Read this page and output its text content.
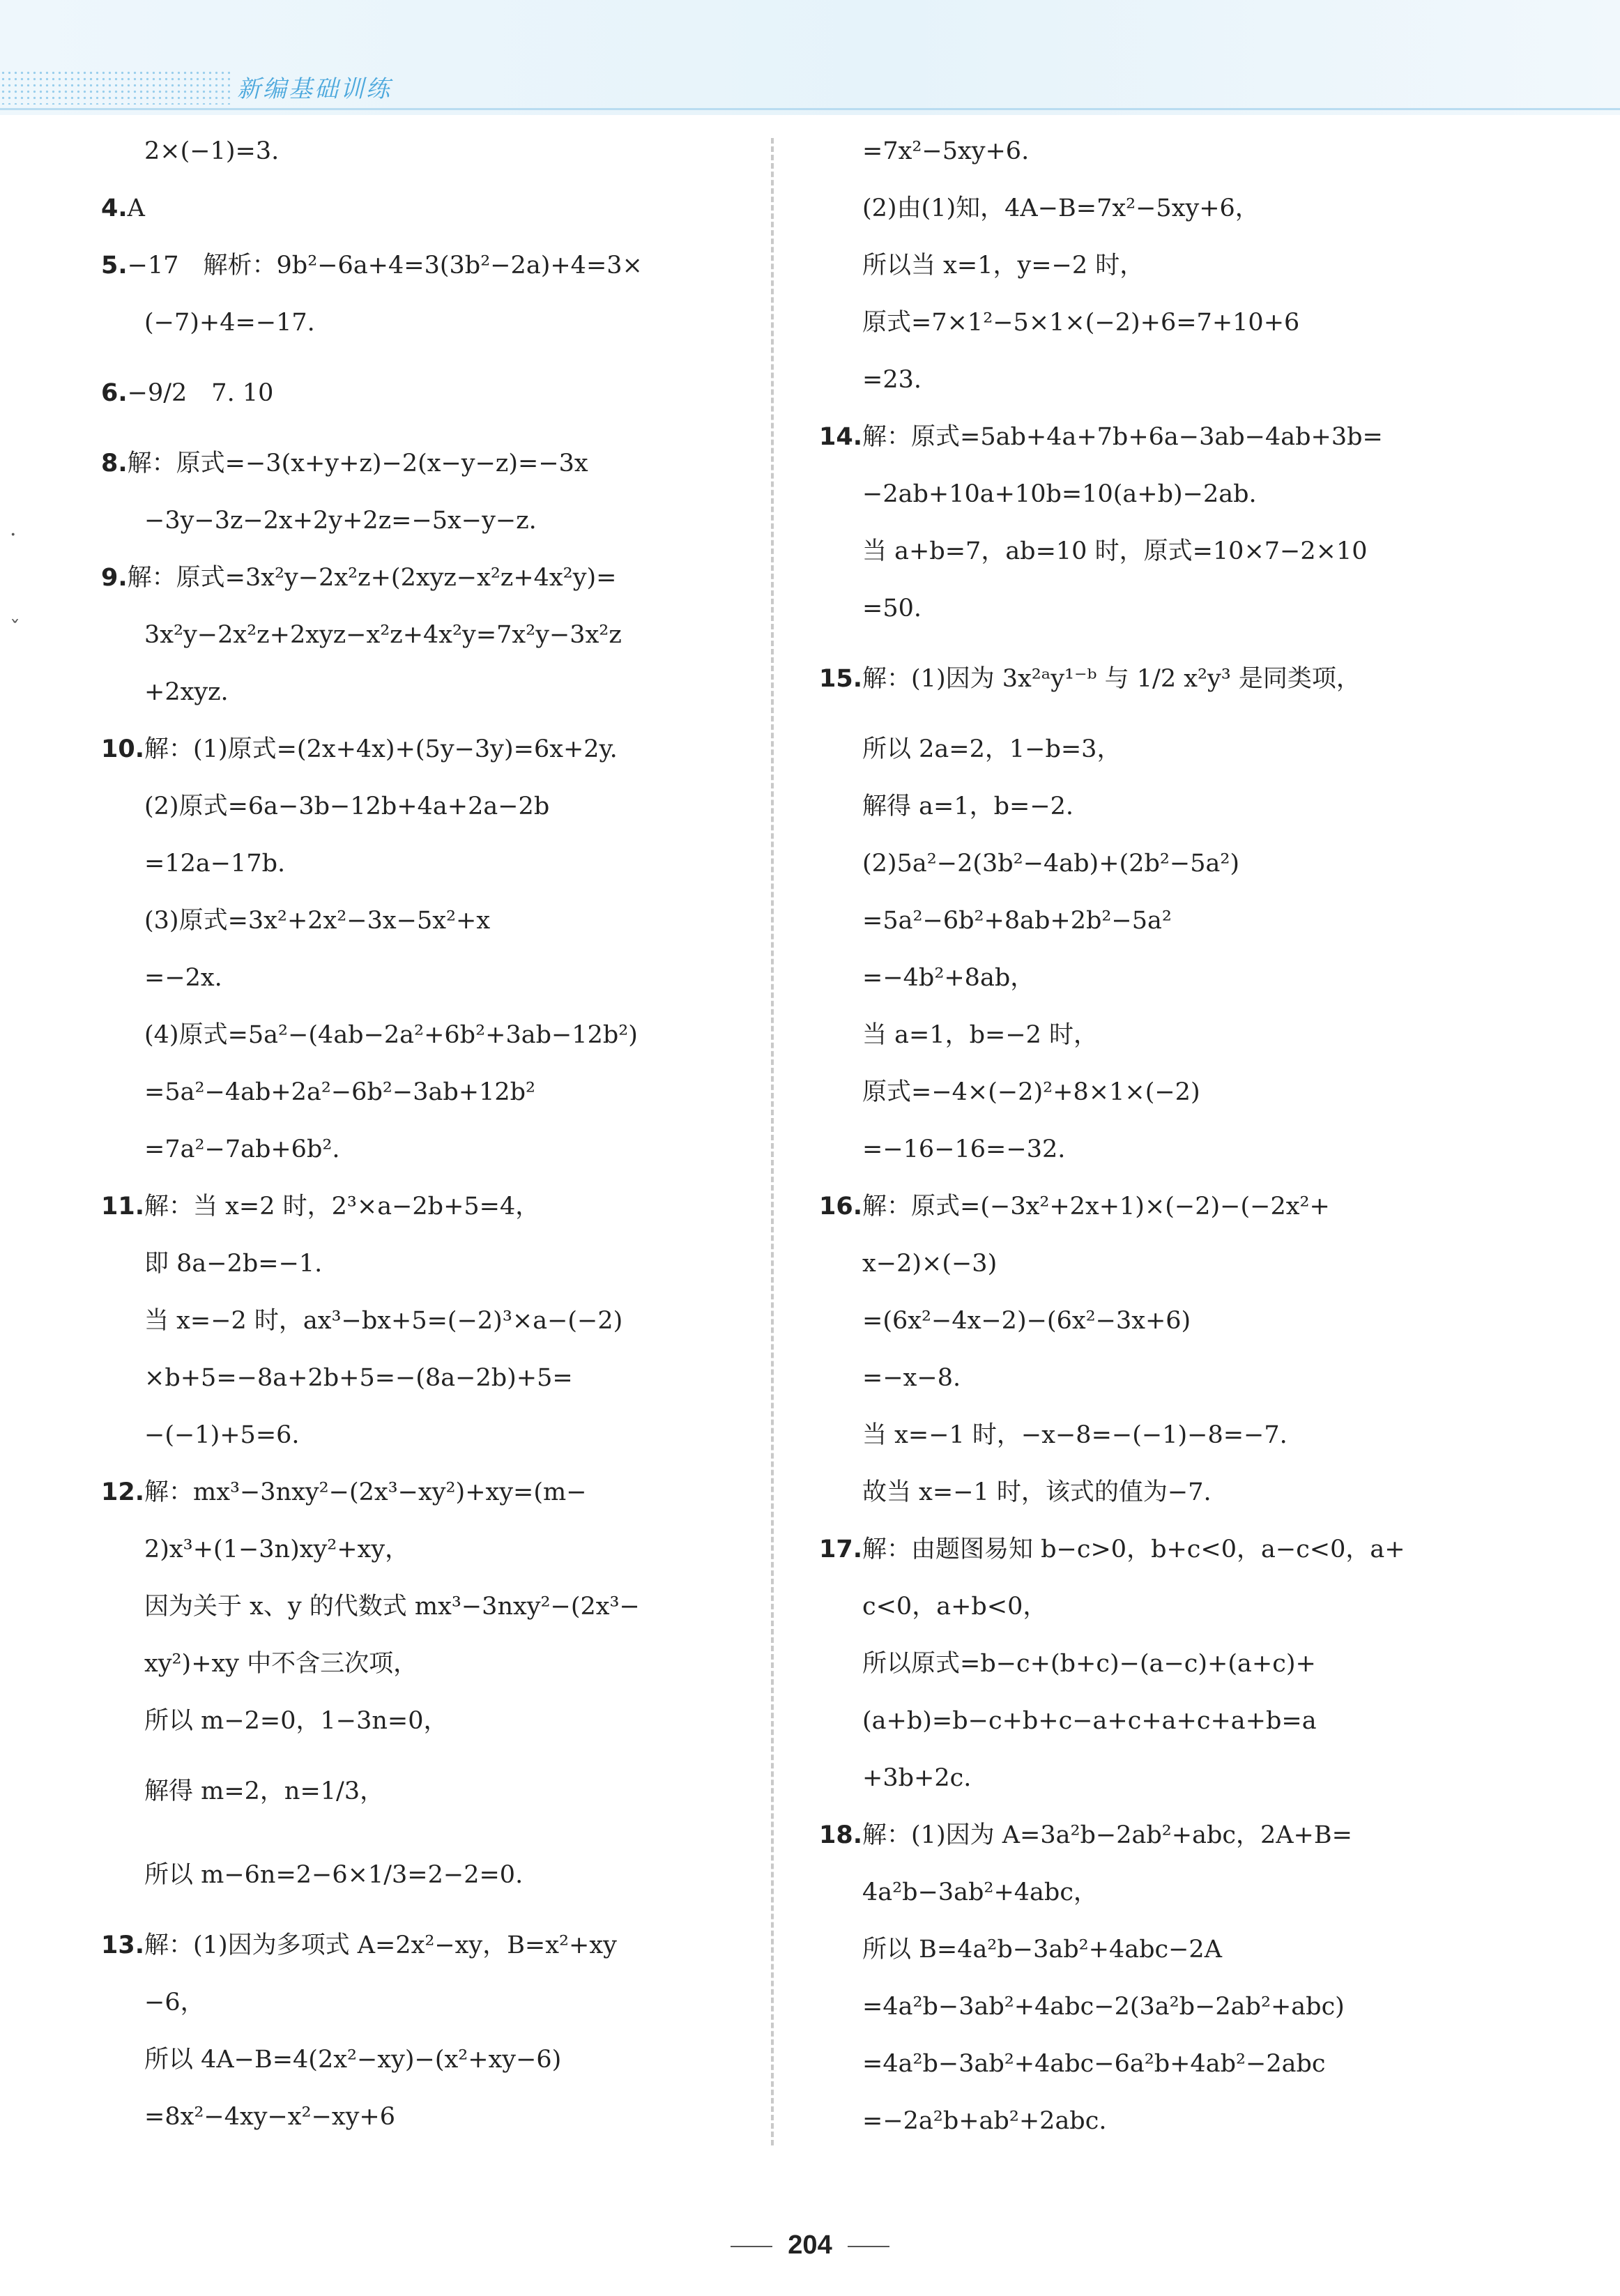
新编基础训练
·
ˇ
2×(−1)=3.
4.A
5.−17　解析：9b²−6a+4=3(3b²−2a)+4=3×
(−7)+4=−17.
6.−9/2　7. 10
8.解：原式=−3(x+y+z)−2(x−y−z)=−3x
−3y−3z−2x+2y+2z=−5x−y−z.
9.解：原式=3x²y−2x²z+(2xyz−x²z+4x²y)=
3x²y−2x²z+2xyz−x²z+4x²y=7x²y−3x²z
+2xyz.
10.解：(1)原式=(2x+4x)+(5y−3y)=6x+2y.
(2)原式=6a−3b−12b+4a+2a−2b
=12a−17b.
(3)原式=3x²+2x²−3x−5x²+x
=−2x.
(4)原式=5a²−(4ab−2a²+6b²+3ab−12b²)
=5a²−4ab+2a²−6b²−3ab+12b²
=7a²−7ab+6b².
11.解：当 x=2 时，2³×a−2b+5=4，
即 8a−2b=−1.
当 x=−2 时，ax³−bx+5=(−2)³×a−(−2)
×b+5=−8a+2b+5=−(8a−2b)+5=
−(−1)+5=6.
12.解：mx³−3nxy²−(2x³−xy²)+xy=(m−
2)x³+(1−3n)xy²+xy，
因为关于 x、y 的代数式 mx³−3nxy²−(2x³−
xy²)+xy 中不含三次项，
所以 m−2=0，1−3n=0，
解得 m=2，n=1/3，
所以 m−6n=2−6×1/3=2−2=0.
13.解：(1)因为多项式 A=2x²−xy，B=x²+xy
−6，
所以 4A−B=4(2x²−xy)−(x²+xy−6)
=8x²−4xy−x²−xy+6
=7x²−5xy+6.
(2)由(1)知，4A−B=7x²−5xy+6，
所以当 x=1，y=−2 时，
原式=7×1²−5×1×(−2)+6=7+10+6
=23.
14.解：原式=5ab+4a+7b+6a−3ab−4ab+3b=
−2ab+10a+10b=10(a+b)−2ab.
当 a+b=7，ab=10 时，原式=10×7−2×10
=50.
15.解：(1)因为 3x²ᵃy¹⁻ᵇ 与 1/2 x²y³ 是同类项，
所以 2a=2，1−b=3，
解得 a=1，b=−2.
(2)5a²−2(3b²−4ab)+(2b²−5a²)
=5a²−6b²+8ab+2b²−5a²
=−4b²+8ab，
当 a=1，b=−2 时，
原式=−4×(−2)²+8×1×(−2)
=−16−16=−32.
16.解：原式=(−3x²+2x+1)×(−2)−(−2x²+
x−2)×(−3)
=(6x²−4x−2)−(6x²−3x+6)
=−x−8.
当 x=−1 时，−x−8=−(−1)−8=−7.
故当 x=−1 时，该式的值为−7.
17.解：由题图易知 b−c>0，b+c<0，a−c<0，a+
c<0，a+b<0，
所以原式=b−c+(b+c)−(a−c)+(a+c)+
(a+b)=b−c+b+c−a+c+a+c+a+b=a
+3b+2c.
18.解：(1)因为 A=3a²b−2ab²+abc，2A+B=
4a²b−3ab²+4abc，
所以 B=4a²b−3ab²+4abc−2A
=4a²b−3ab²+4abc−2(3a²b−2ab²+abc)
=4a²b−3ab²+4abc−6a²b+4ab²−2abc
=−2a²b+ab²+2abc.
204
